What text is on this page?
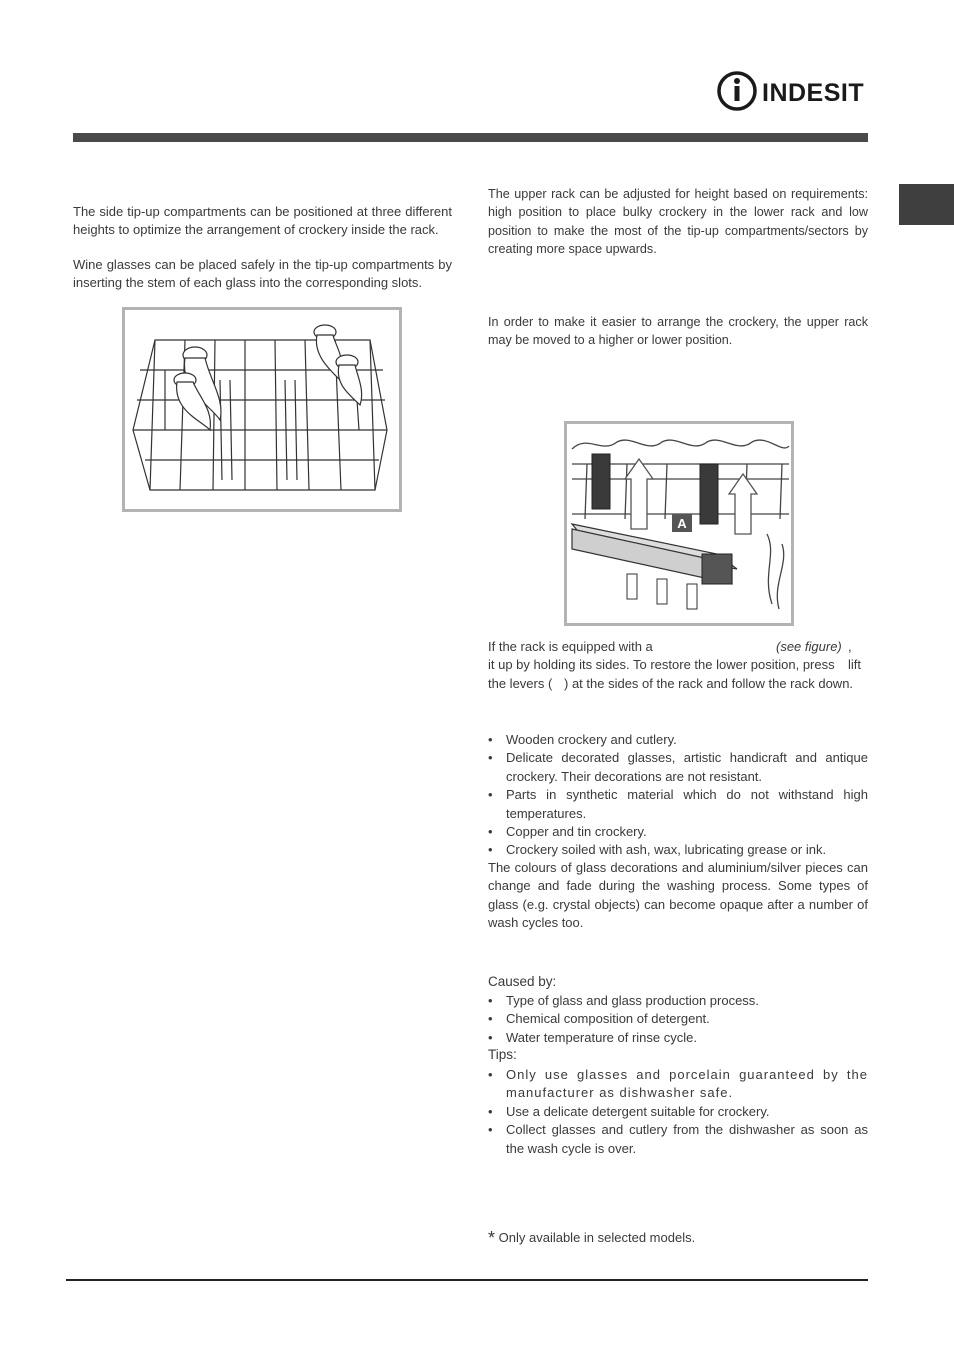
INDESIT

The side tip-up compartments can be positioned at three different heights to optimize the arrangement of crockery inside the rack.

Wine glasses can be placed safely in the tip-up compartments by inserting the stem of each glass into the corresponding slots.

The upper rack can be adjusted for height based on requirements: high position to place bulky crockery in the lower rack and low position to make the most of the tip-up compartments/sectors by creating more space upwards.

In order to make it easier to arrange the crockery, the upper rack may be moved to a higher or lower position.

A
If the rack is equipped with a	(see figure) , lift
it up by holding its sides. To restore the lower position, press
the levers ( ) at the sides of the rack and follow the rack down.
• Wooden crockery and cutlery.
• Delicate decorated glasses, artistic handicraft and antique crockery. Their decorations are not resistant.
• Parts in synthetic material which do not withstand high temperatures.
• Copper and tin crockery.
• Crockery soiled with ash, wax, lubricating grease or ink.

The colours of glass decorations and aluminium/silver pieces can change and fade during the washing process. Some types of glass (e.g. crystal objects) can become opaque after a number of wash cycles too.

Caused by:

• Type of glass and glass production process.
• Chemical composition of detergent.
• Water temperature of rinse cycle.

Tips:

• Only use glasses and porcelain guaranteed by the manufacturer as dishwasher safe.
• Use a delicate detergent suitable for crockery.
• Collect glasses and cutlery from the dishwasher as soon as the wash cycle is over.
* Only available in selected models.
